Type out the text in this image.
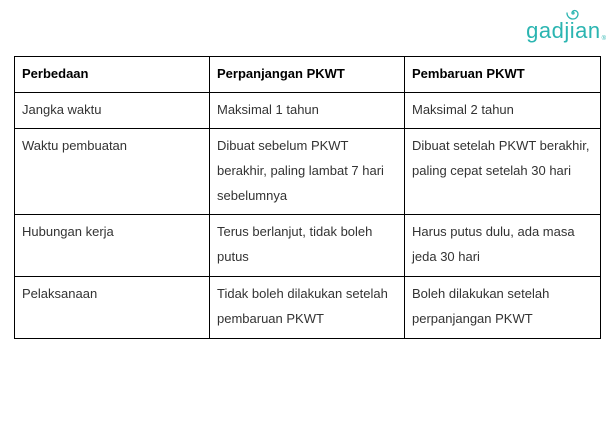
gadjian ®
Perbedaan	Perpanjangan PKWT	Pembaruan PKWT
Jangka waktu	Maksimal 1 tahun	Maksimal 2 tahun
Waktu pembuatan	Dibuat sebelum PKWT berakhir, paling lambat 7 hari sebelumnya	Dibuat setelah PKWT berakhir, paling cepat setelah 30 hari
Hubungan kerja	Terus berlanjut, tidak boleh putus	Harus putus dulu, ada masa jeda 30 hari
Pelaksanaan	Tidak boleh dilakukan setelah pembaruan PKWT	Boleh dilakukan setelah perpanjangan PKWT
